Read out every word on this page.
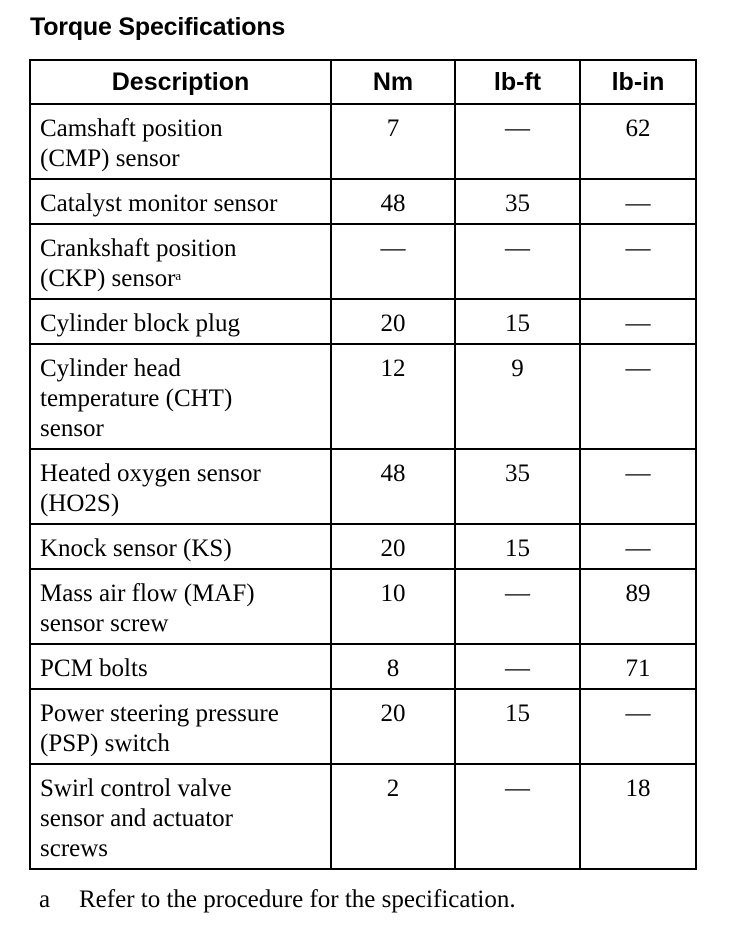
Torque Specifications
Description	Nm	lb-ft	lb-in

Camshaft position
(CMP) sensor	7	—	62

Catalyst monitor sensor	48	35	—

Crankshaft position
(CKP) sensor$^a$	—	—	—

Cylinder block plug	20	15	—

Cylinder head
temperature (CHT)
sensor	12	9	—

Heated oxygen sensor
(HO2S)	48	35	—

Knock sensor (KS)	20	15	—

Mass air flow (MAF)
sensor screw	10	—	89

PCM bolts	8	—	71

Power steering pressure
(PSP) switch	20	15	—

Swirl control valve
sensor and actuator
screws	2	—	18
a Refer to the procedure for the specification.
